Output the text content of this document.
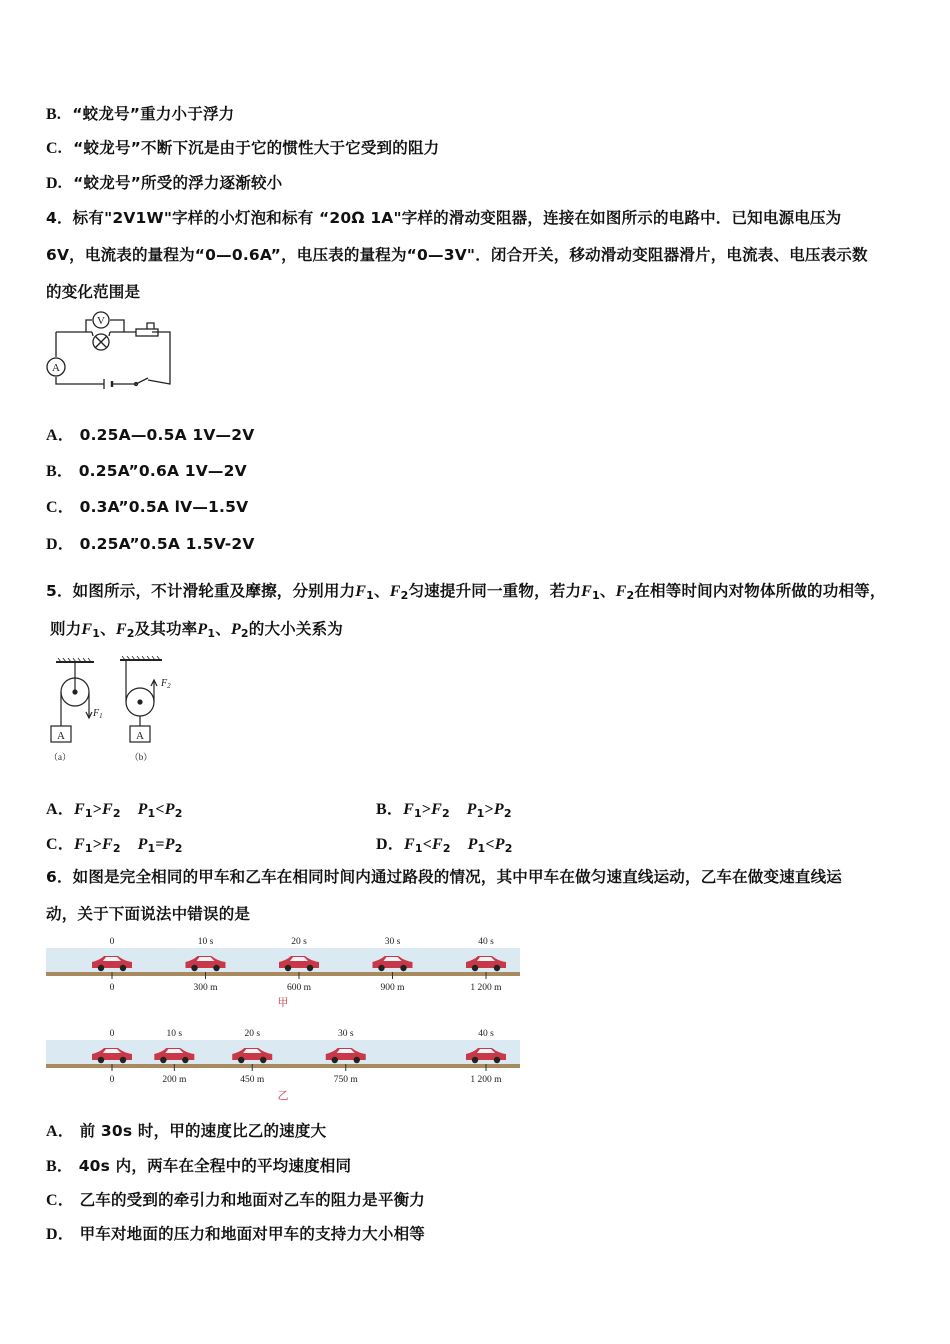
B. “蛟龙号”重力小于浮力
C. “蛟龙号”不断下沉是由于它的惯性大于它受到的阻力
D. “蛟龙号”所受的浮力逐渐较小
4．标有"2V1W"字样的小灯泡和标有 “20Ω 1A"字样的滑动变阻器，连接在如图所示的电路中．已知电源电压为
6V，电流表的量程为“0—0.6A”，电压表的量程为“0—3V"．闭合开关，移动滑动变阻器滑片，电流表、电压表示数
的变化范围是
V
A
A． 0.25A—0.5A 1V—2V
B． 0.25A”0.6A 1V—2V
C． 0.3A”0.5A lV—1.5V
D． 0.25A”0.5A 1.5V-2V
5．如图所示，不计滑轮重及摩擦，分别用力$F_1$、$F_2$匀速提升同一重物，若力$F_1$、$F_2$在相等时间内对物体所做的功相等，
则力$F_1$、$F_2$及其功率$P_1$、$P_2$的大小关系为
A	A
$F_1$
$F_2$
（a）	（b）
A．$F_1>F_2$ $P_1<P_2$	B．$F_1>F_2$ $P_1>P_2$
C．$F_1>F_2$ $P_1=P_2$	D．$F_1<F_2$ $P_1<P_2$
6．如图是完全相同的甲车和乙车在相同时间内通过路段的情况，其中甲车在做匀速直线运动，乙车在做变速直线运
动，关于下面说法中错误的是
0
0
10 s
300 m
20 s
600 m
30 s
900 m
40 s
1 200 m
0
0
10 s
200 m
20 s
450 m
30 s
750 m
40 s
1 200 m
甲
乙
A． 前 30s 时，甲的速度比乙的速度大
B． 40s 内，两车在全程中的平均速度相同
C． 乙车的受到的牵引力和地面对乙车的阻力是平衡力
D． 甲车对地面的压力和地面对甲车的支持力大小相等
